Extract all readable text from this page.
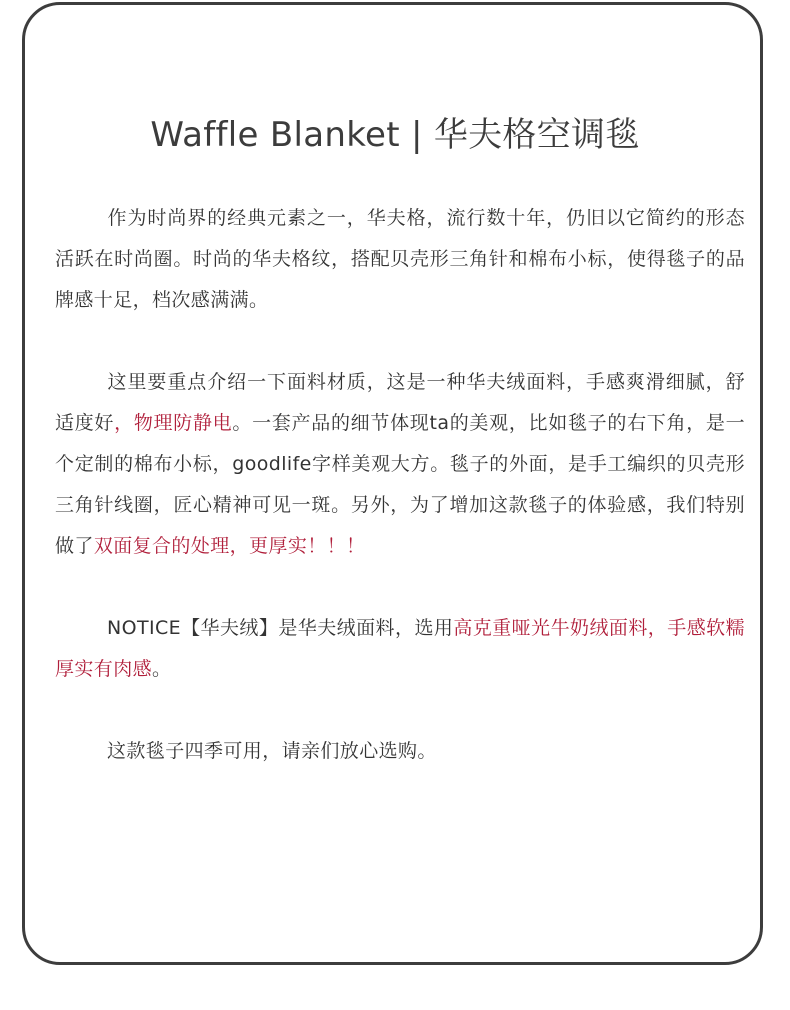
Waffle Blanket | 华夫格空调毯

作为时尚界的经典元素之一，华夫格，流行数十年，仍旧以它简约的形态活跃在时尚圈。时尚的华夫格纹，搭配贝壳形三角针和棉布小标，使得毯子的品牌感十足，档次感满满。

这里要重点介绍一下面料材质，这是一种华夫绒面料，手感爽滑细腻，舒适度好，物理防静电。一套产品的细节体现ta的美观，比如毯子的右下角，是一个定制的棉布小标，goodlife字样美观大方。毯子的外面，是手工编织的贝壳形三角针线圈，匠心精神可见一斑。另外，为了增加这款毯子的体验感，我们特别做了双面复合的处理，更厚实！！！

NOTICE【华夫绒】是华夫绒面料，选用高克重哑光牛奶绒面料，手感软糯厚实有肉感。

这款毯子四季可用，请亲们放心选购。
